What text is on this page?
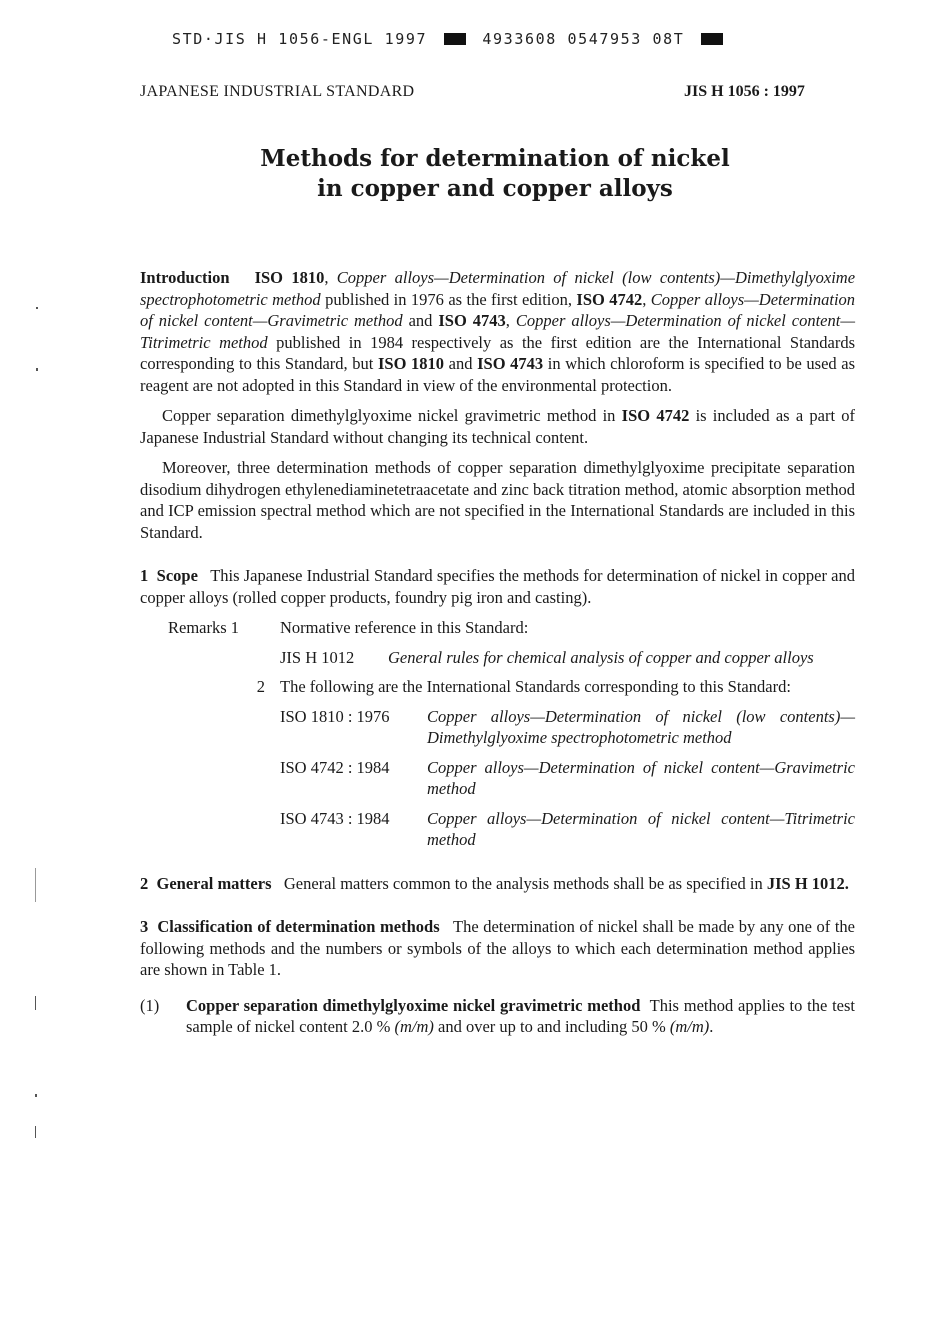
STD·JIS H 1056-ENGL 1997	4933608 0547953 08T
JAPANESE INDUSTRIAL STANDARD	JIS H 1056 : 1997
Methods for determination of nickel
in copper and copper alloys

Introduction ISO 1810, Copper alloys—Determination of nickel (low contents)—Dimethylglyoxime spectrophotometric method published in 1976 as the first edition, ISO 4742, Copper alloys—Determination of nickel content—Gravimetric method and ISO 4743, Copper alloys—Determination of nickel content—Titrimetric method published in 1984 respectively as the first edition are the International Standards corresponding to this Standard, but ISO 1810 and ISO 4743 in which chloroform is specified to be used as reagent are not adopted in this Standard in view of the environmental protection.

Copper separation dimethylglyoxime nickel gravimetric method in ISO 4742 is included as a part of Japanese Industrial Standard without changing its technical content.

Moreover, three determination methods of copper separation dimethylglyoxime precipitate separation disodium dihydrogen ethylenediaminetetraacetate and zinc back titration method, atomic absorption method and ICP emission spectral method which are not specified in the International Standards are included in this Standard.

1 Scope This Japanese Industrial Standard specifies the methods for determination of nickel in copper and copper alloys (rolled copper products, foundry pig iron and casting).

Remarks 1	Normative reference in this Standard:
JIS H 1012	General rules for chemical analysis of copper and copper alloys
2 The following are the International Standards corresponding to this Standard:
ISO 1810 : 1976	Copper alloys—Determination of nickel (low contents)—Dimethylglyoxime spectrophotometric method
ISO 4742 : 1984	Copper alloys—Determination of nickel content—Gravimetric method
ISO 4743 : 1984	Copper alloys—Determination of nickel content—Titrimetric method

2 General matters General matters common to the analysis methods shall be as specified in JIS H 1012.

3 Classification of determination methods The determination of nickel shall be made by any one of the following methods and the numbers or symbols of the alloys to which each determination method applies are shown in Table 1.

(1)	Copper separation dimethylglyoxime nickel gravimetric method This method applies to the test sample of nickel content 2.0 % (m/m) and over up to and including 50 % (m/m).
